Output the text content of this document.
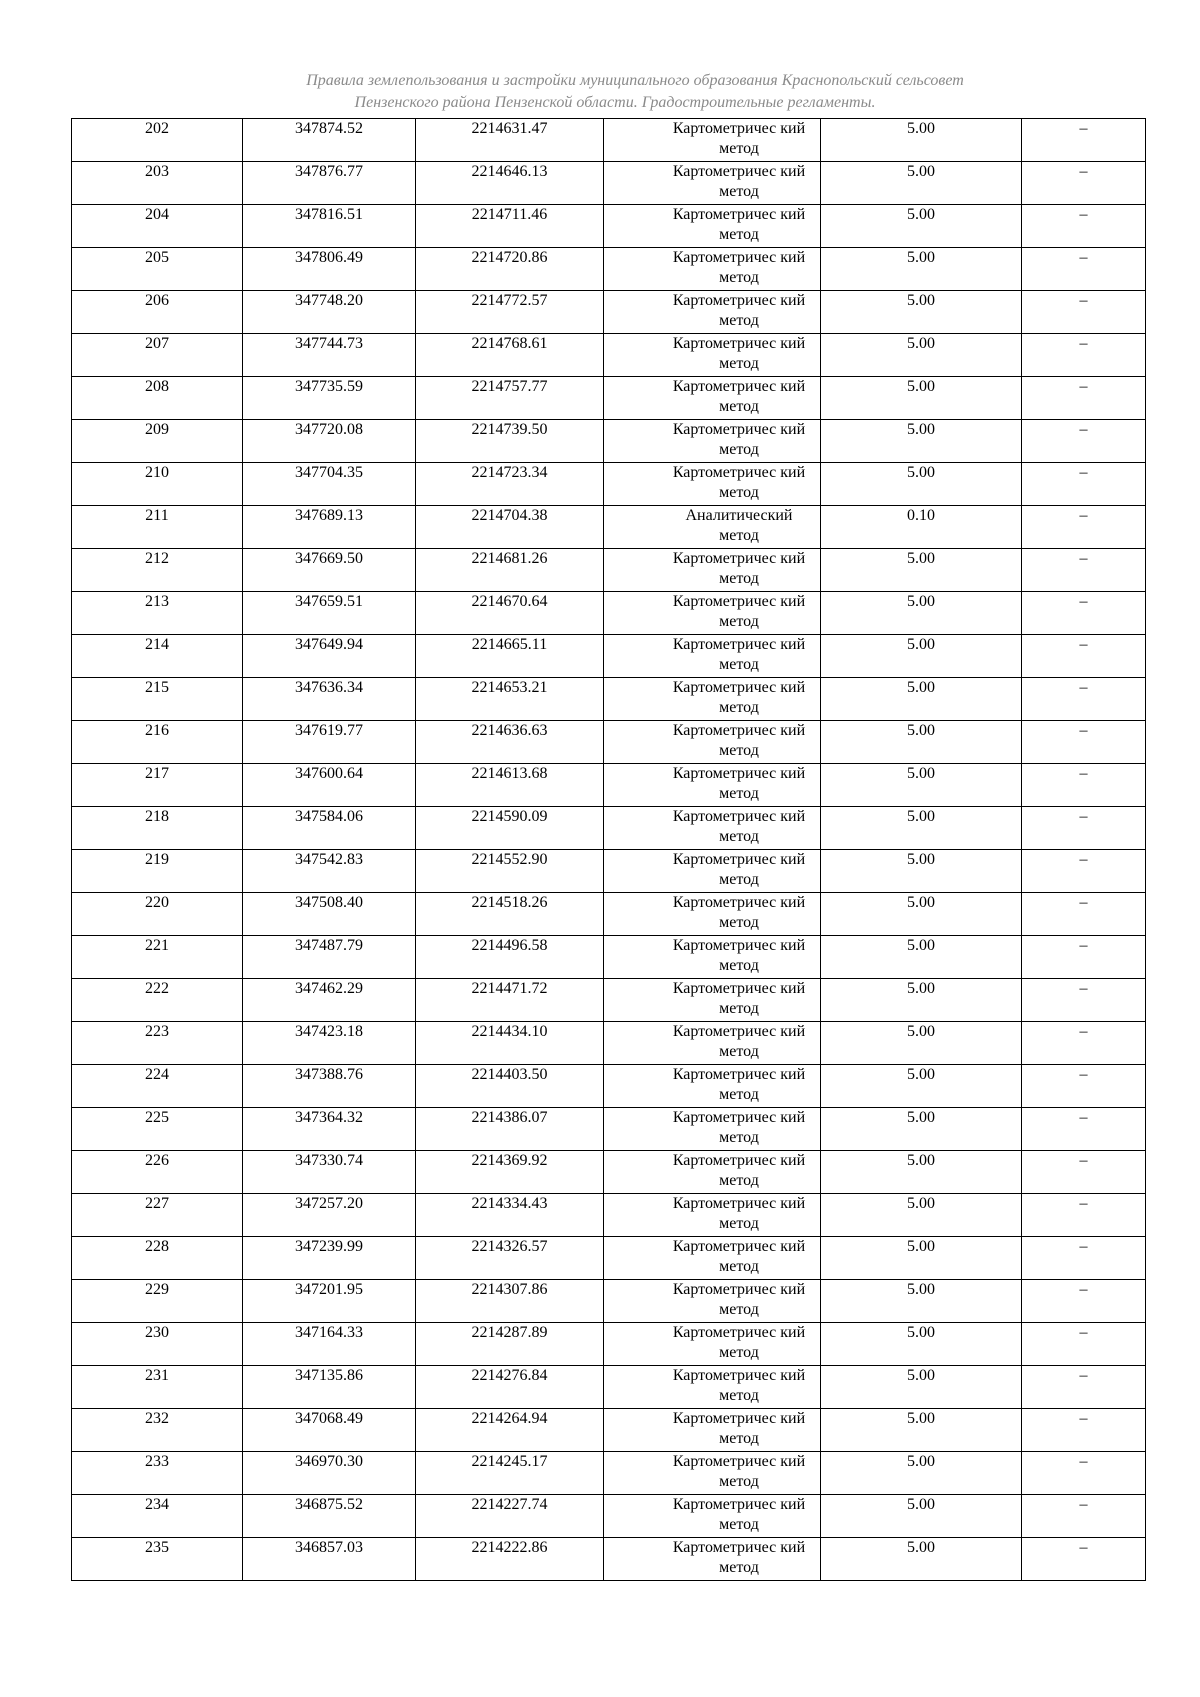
Правила землепользования и застройки муниципального образования Краснопольский сельсовет
Пензенского района Пензенской области. Градостроительные регламенты.
202	347874.52	2214631.47	Картометричес кий метод	5.00	–
203	347876.77	2214646.13	Картометричес кий метод	5.00	–
204	347816.51	2214711.46	Картометричес кий метод	5.00	–
205	347806.49	2214720.86	Картометричес кий метод	5.00	–
206	347748.20	2214772.57	Картометричес кий метод	5.00	–
207	347744.73	2214768.61	Картометричес кий метод	5.00	–
208	347735.59	2214757.77	Картометричес кий метод	5.00	–
209	347720.08	2214739.50	Картометричес кий метод	5.00	–
210	347704.35	2214723.34	Картометричес кий метод	5.00	–
211	347689.13	2214704.38	Аналитический метод	0.10	–
212	347669.50	2214681.26	Картометричес кий метод	5.00	–
213	347659.51	2214670.64	Картометричес кий метод	5.00	–
214	347649.94	2214665.11	Картометричес кий метод	5.00	–
215	347636.34	2214653.21	Картометричес кий метод	5.00	–
216	347619.77	2214636.63	Картометричес кий метод	5.00	–
217	347600.64	2214613.68	Картометричес кий метод	5.00	–
218	347584.06	2214590.09	Картометричес кий метод	5.00	–
219	347542.83	2214552.90	Картометричес кий метод	5.00	–
220	347508.40	2214518.26	Картометричес кий метод	5.00	–
221	347487.79	2214496.58	Картометричес кий метод	5.00	–
222	347462.29	2214471.72	Картометричес кий метод	5.00	–
223	347423.18	2214434.10	Картометричес кий метод	5.00	–
224	347388.76	2214403.50	Картометричес кий метод	5.00	–
225	347364.32	2214386.07	Картометричес кий метод	5.00	–
226	347330.74	2214369.92	Картометричес кий метод	5.00	–
227	347257.20	2214334.43	Картометричес кий метод	5.00	–
228	347239.99	2214326.57	Картометричес кий метод	5.00	–
229	347201.95	2214307.86	Картометричес кий метод	5.00	–
230	347164.33	2214287.89	Картометричес кий метод	5.00	–
231	347135.86	2214276.84	Картометричес кий метод	5.00	–
232	347068.49	2214264.94	Картометричес кий метод	5.00	–
233	346970.30	2214245.17	Картометричес кий метод	5.00	–
234	346875.52	2214227.74	Картометричес кий метод	5.00	–
235	346857.03	2214222.86	Картометричес кий метод	5.00	–
